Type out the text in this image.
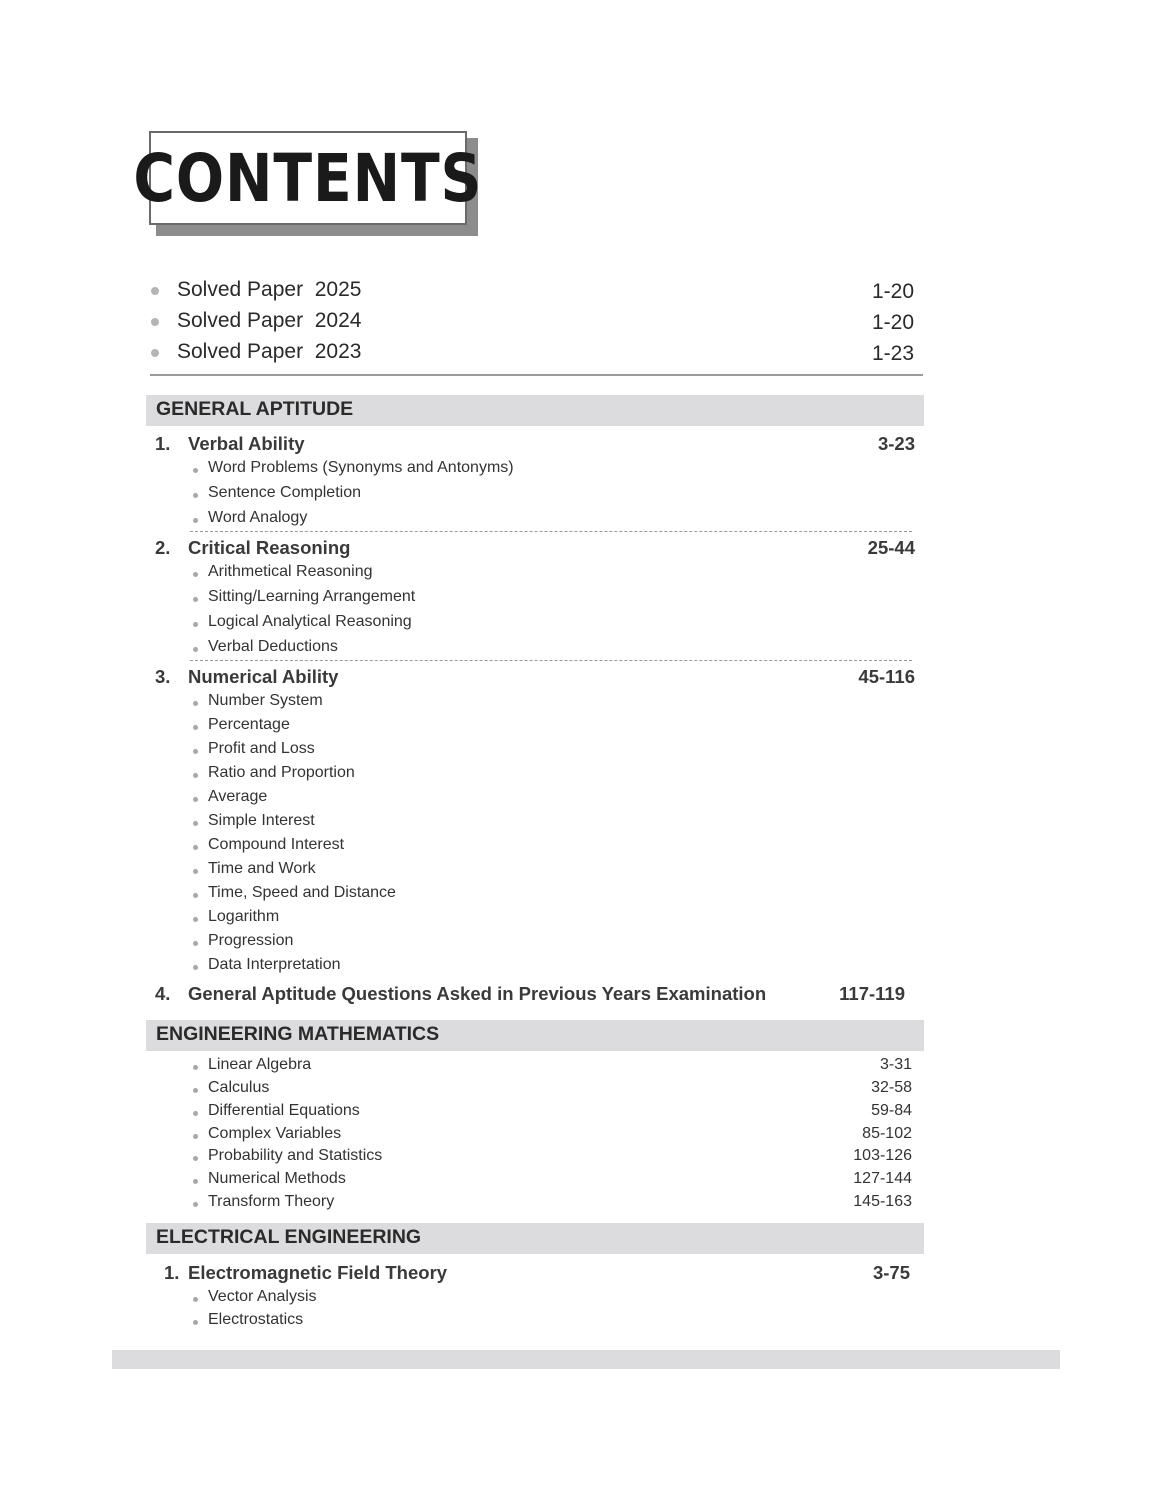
CONTENTS
Solved Paper  2025	1-20
Solved Paper  2024	1-20
Solved Paper  2023	1-23
GENERAL APTITUDE
1. Verbal Ability	3-23
Word Problems (Synonyms and Antonyms)
Sentence Completion
Word Analogy
2. Critical Reasoning	25-44
Arithmetical Reasoning
Sitting/Learning Arrangement
Logical Analytical Reasoning
Verbal Deductions
3. Numerical Ability	45-116
Number System
Percentage
Profit and Loss
Ratio and Proportion
Average
Simple Interest
Compound Interest
Time and Work
Time, Speed and Distance
Logarithm
Progression
Data Interpretation
4. General Aptitude Questions Asked in Previous Years Examination	117-119
ENGINEERING MATHEMATICS
Linear Algebra	3-31
Calculus	32-58
Differential Equations	59-84
Complex Variables	85-102
Probability and Statistics	103-126
Numerical Methods	127-144
Transform Theory	145-163
ELECTRICAL ENGINEERING
1. Electromagnetic Field Theory	3-75
Vector Analysis
Electrostatics
